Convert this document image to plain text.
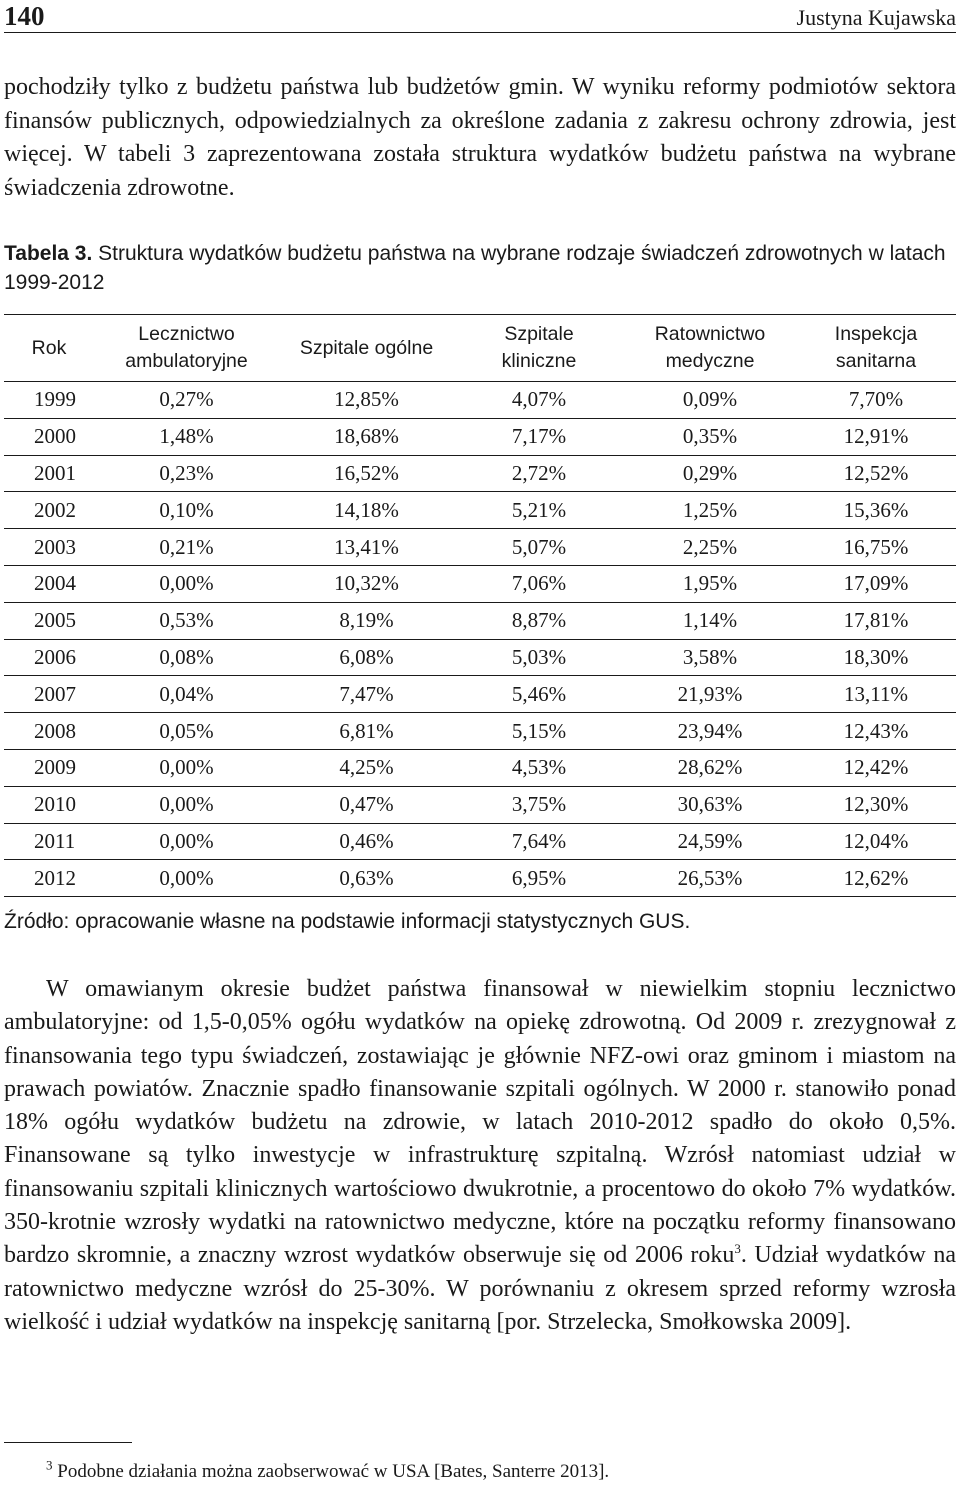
140	Justyna Kujawska

pochodziły tylko z budżetu państwa lub budżetów gmin. W wyniku reformy podmiotów sektora finansów publicznych, odpowiedzialnych za określone zadania z zakresu ochrony zdrowia, jest więcej. W tabeli 3 zaprezentowana została struktura wydatków budżetu państwa na wybrane świadczenia zdrowotne.

Tabela 3. Struktura wydatków budżetu państwa na wybrane rodzaje świadczeń zdrowotnych w latach 1999-2012

Rok	Lecznictwo ambulatoryjne	Szpitale ogólne	Szpitale kliniczne	Ratownictwo medyczne	Inspekcja sanitarna

1999	0,27%	12,85%	4,07%	0,09%	7,70%
2000	1,48%	18,68%	7,17%	0,35%	12,91%
2001	0,23%	16,52%	2,72%	0,29%	12,52%
2002	0,10%	14,18%	5,21%	1,25%	15,36%
2003	0,21%	13,41%	5,07%	2,25%	16,75%
2004	0,00%	10,32%	7,06%	1,95%	17,09%
2005	0,53%	8,19%	8,87%	1,14%	17,81%
2006	0,08%	6,08%	5,03%	3,58%	18,30%
2007	0,04%	7,47%	5,46%	21,93%	13,11%
2008	0,05%	6,81%	5,15%	23,94%	12,43%
2009	0,00%	4,25%	4,53%	28,62%	12,42%
2010	0,00%	0,47%	3,75%	30,63%	12,30%
2011	0,00%	0,46%	7,64%	24,59%	12,04%
2012	0,00%	0,63%	6,95%	26,53%	12,62%

Źródło: opracowanie własne na podstawie informacji statystycznych GUS.

W omawianym okresie budżet państwa finansował w niewielkim stopniu lecznictwo ambulatoryjne: od 1,5-0,05% ogółu wydatków na opiekę zdrowotną. Od 2009 r. zrezygnował z finansowania tego typu świadczeń, zostawiając je głównie NFZ-owi oraz gminom i miastom na prawach powiatów. Znacznie spadło finansowanie szpitali ogólnych. W 2000 r. stanowiło ponad 18% ogółu wydatków budżetu na zdrowie, w latach 2010-2012 spadło do około 0,5%. Finansowane są tylko inwestycje w infrastrukturę szpitalną. Wzrósł natomiast udział w finansowaniu szpitali klinicznych wartościowo dwukrotnie, a procentowo do około 7% wydatków. 350-krotnie wzrosły wydatki na ratownictwo medyczne, które na początku reformy finansowano bardzo skromnie, a znaczny wzrost wydatków obserwuje się od 2006 roku$^3$. Udział wydatków na ratownictwo medyczne wzrósł do 25-30%. W porównaniu z okresem sprzed reformy wzrosła wielkość i udział wydatków na inspekcję sanitarną [por. Strzelecka, Smołkowska 2009].

$^3$ Podobne działania można zaobserwować w USA [Bates, Santerre 2013].
